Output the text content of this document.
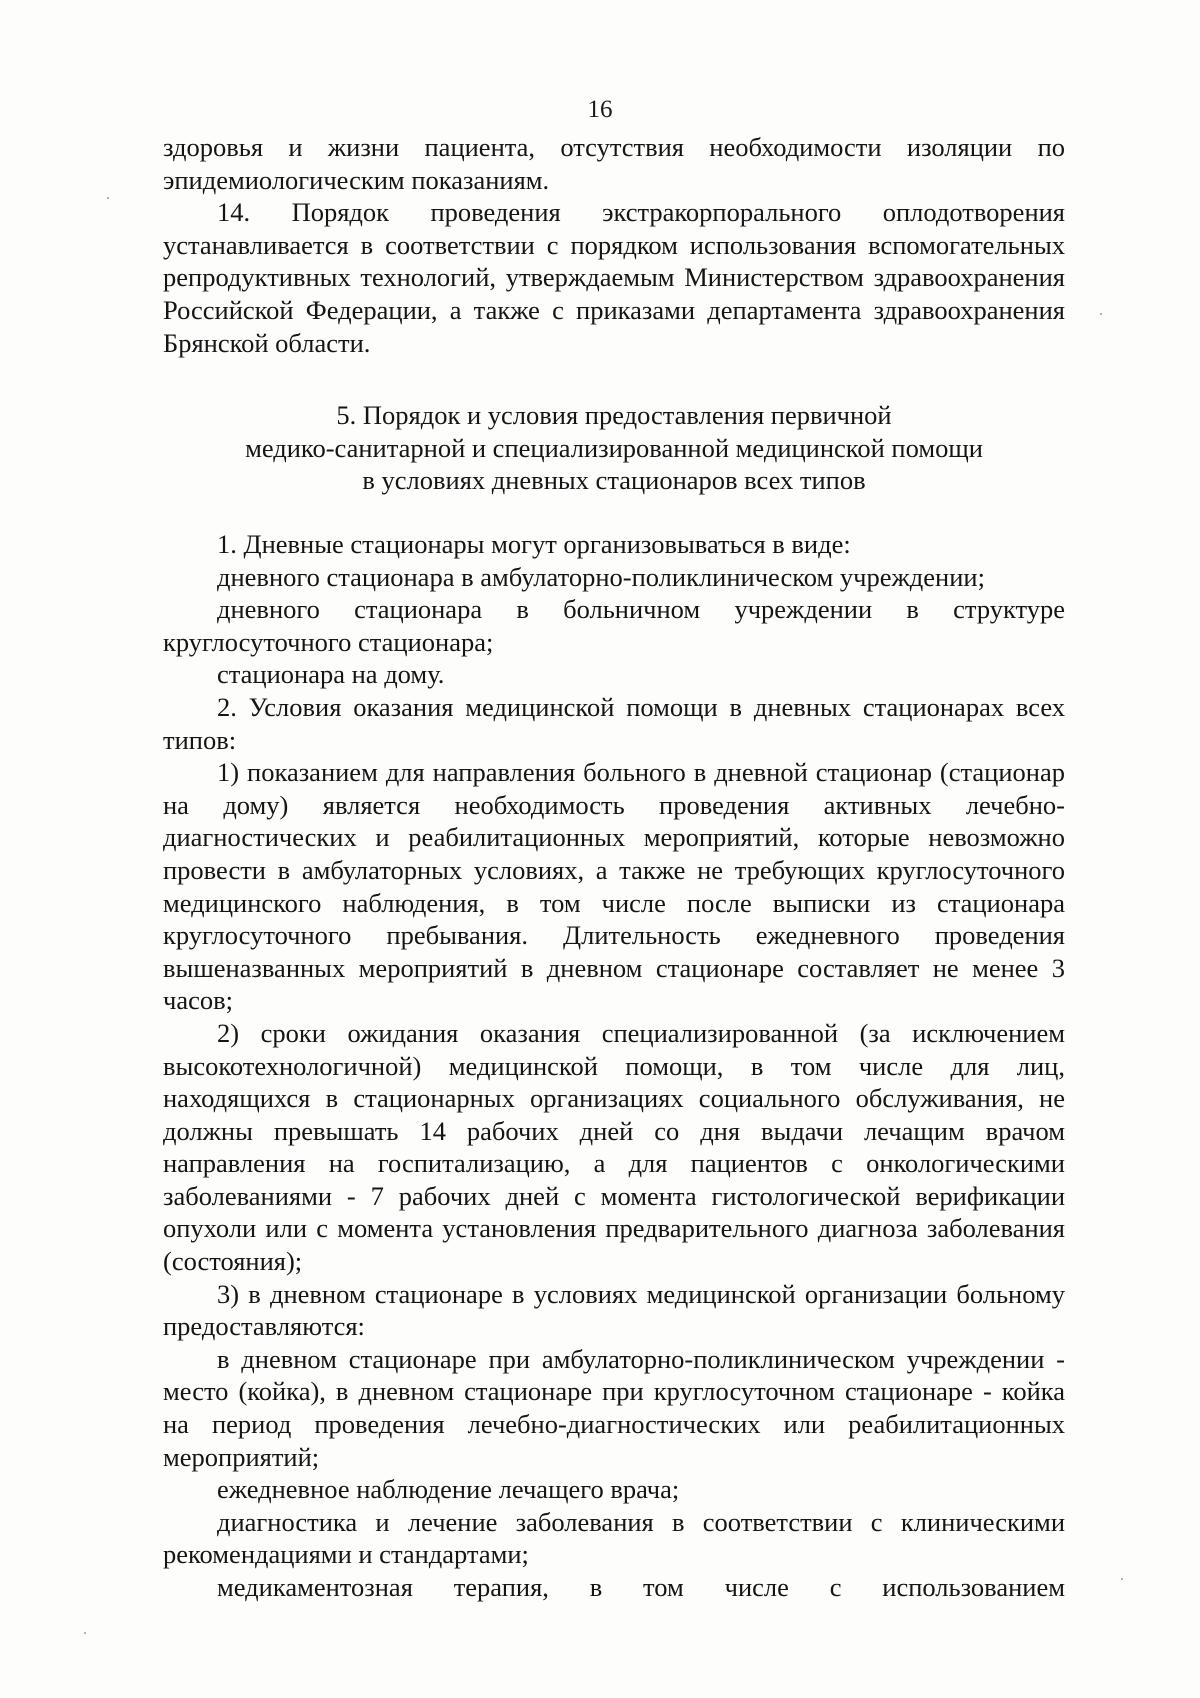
16

здоровья и жизни пациента, отсутствия необходимости изоляции по эпидемиологическим показаниям.

14. Порядок проведения экстракорпорального оплодотворения устанавливается в соответствии с порядком использования вспомогательных репродуктивных технологий, утверждаемым Министерством здравоохранения Российской Федерации, а также с приказами департамента здравоохранения Брянской области.

5. Порядок и условия предоставления первичной
медико-санитарной и специализированной медицинской помощи
в условиях дневных стационаров всех типов

1. Дневные стационары могут организовываться в виде:

дневного стационара в амбулаторно-поликлиническом учреждении;

дневного стационара в больничном учреждении в структуре круглосуточного стационара;

стационара на дому.

2. Условия оказания медицинской помощи в дневных стационарах всех типов:

1) показанием для направления больного в дневной стационар (стационар на дому) является необходимость проведения активных лечебно-диагностических и реабилитационных мероприятий, которые невозможно провести в амбулаторных условиях, а также не требующих круглосуточного медицинского наблюдения, в том числе после выписки из стационара круглосуточного пребывания. Длительность ежедневного проведения вышеназванных мероприятий в дневном стационаре составляет не менее 3 часов;

2) сроки ожидания оказания специализированной (за исключением высокотехнологичной) медицинской помощи, в том числе для лиц, находящихся в стационарных организациях социального обслуживания, не должны превышать 14 рабочих дней со дня выдачи лечащим врачом направления на госпитализацию, а для пациентов с онкологическими заболеваниями - 7 рабочих дней с момента гистологической верификации опухоли или с момента установления предварительного диагноза заболевания (состояния);

3) в дневном стационаре в условиях медицинской организации больному предоставляются:

в дневном стационаре при амбулаторно-поликлиническом учреждении - место (койка), в дневном стационаре при круглосуточном стационаре - койка на период проведения лечебно-диагностических или реабилитационных мероприятий;

ежедневное наблюдение лечащего врача;

диагностика и лечение заболевания в соответствии с клиническими рекомендациями и стандартами;

медикаментозная терапия, в том числе с использованием
